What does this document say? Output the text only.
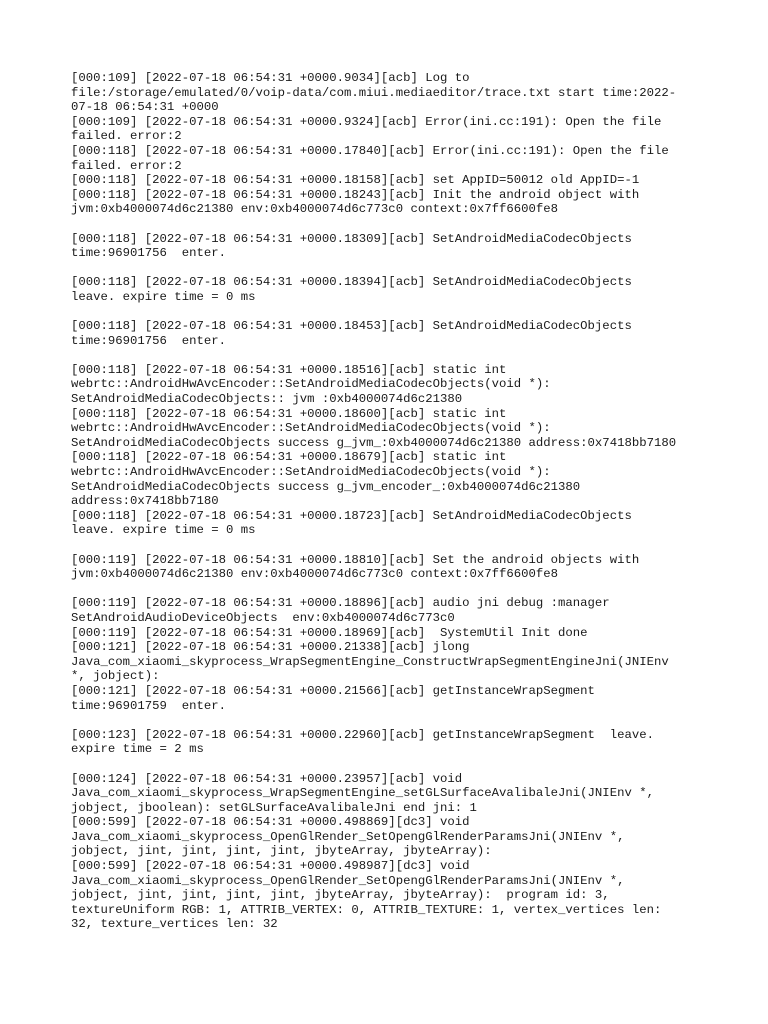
[000:109] [2022-07-18 06:54:31 +0000.9034][acb] Log to
file:/storage/emulated/0/voip-data/com.miui.mediaeditor/trace.txt start time:2022-
07-18 06:54:31 +0000
[000:109] [2022-07-18 06:54:31 +0000.9324][acb] Error(ini.cc:191): Open the file
failed. error:2
[000:118] [2022-07-18 06:54:31 +0000.17840][acb] Error(ini.cc:191): Open the file
failed. error:2
[000:118] [2022-07-18 06:54:31 +0000.18158][acb] set AppID=50012 old AppID=-1
[000:118] [2022-07-18 06:54:31 +0000.18243][acb] Init the android object with
jvm:0xb4000074d6c21380 env:0xb4000074d6c773c0 context:0x7ff6600fe8
[000:118] [2022-07-18 06:54:31 +0000.18309][acb] SetAndroidMediaCodecObjects
time:96901756  enter.
[000:118] [2022-07-18 06:54:31 +0000.18394][acb] SetAndroidMediaCodecObjects
leave. expire time = 0 ms
[000:118] [2022-07-18 06:54:31 +0000.18453][acb] SetAndroidMediaCodecObjects
time:96901756  enter.
[000:118] [2022-07-18 06:54:31 +0000.18516][acb] static int
webrtc::AndroidHwAvcEncoder::SetAndroidMediaCodecObjects(void *):
SetAndroidMediaCodecObjects:: jvm :0xb4000074d6c21380
[000:118] [2022-07-18 06:54:31 +0000.18600][acb] static int
webrtc::AndroidHwAvcEncoder::SetAndroidMediaCodecObjects(void *):
SetAndroidMediaCodecObjects success g_jvm_:0xb4000074d6c21380 address:0x7418bb7180
[000:118] [2022-07-18 06:54:31 +0000.18679][acb] static int
webrtc::AndroidHwAvcEncoder::SetAndroidMediaCodecObjects(void *):
SetAndroidMediaCodecObjects success g_jvm_encoder_:0xb4000074d6c21380
address:0x7418bb7180
[000:118] [2022-07-18 06:54:31 +0000.18723][acb] SetAndroidMediaCodecObjects
leave. expire time = 0 ms
[000:119] [2022-07-18 06:54:31 +0000.18810][acb] Set the android objects with
jvm:0xb4000074d6c21380 env:0xb4000074d6c773c0 context:0x7ff6600fe8
[000:119] [2022-07-18 06:54:31 +0000.18896][acb] audio jni debug :manager
SetAndroidAudioDeviceObjects  env:0xb4000074d6c773c0
[000:119] [2022-07-18 06:54:31 +0000.18969][acb]  SystemUtil Init done
[000:121] [2022-07-18 06:54:31 +0000.21338][acb] jlong
Java_com_xiaomi_skyprocess_WrapSegmentEngine_ConstructWrapSegmentEngineJni(JNIEnv
*, jobject):
[000:121] [2022-07-18 06:54:31 +0000.21566][acb] getInstanceWrapSegment
time:96901759  enter.
[000:123] [2022-07-18 06:54:31 +0000.22960][acb] getInstanceWrapSegment  leave.
expire time = 2 ms
[000:124] [2022-07-18 06:54:31 +0000.23957][acb] void
Java_com_xiaomi_skyprocess_WrapSegmentEngine_setGLSurfaceAvalibaleJni(JNIEnv *,
jobject, jboolean): setGLSurfaceAvalibaleJni end jni: 1
[000:599] [2022-07-18 06:54:31 +0000.498869][dc3] void
Java_com_xiaomi_skyprocess_OpenGlRender_SetOpengGlRenderParamsJni(JNIEnv *,
jobject, jint, jint, jint, jint, jbyteArray, jbyteArray):
[000:599] [2022-07-18 06:54:31 +0000.498987][dc3] void
Java_com_xiaomi_skyprocess_OpenGlRender_SetOpengGlRenderParamsJni(JNIEnv *,
jobject, jint, jint, jint, jint, jbyteArray, jbyteArray):  program id: 3,
textureUniform RGB: 1, ATTRIB_VERTEX: 0, ATTRIB_TEXTURE: 1, vertex_vertices len:
32, texture_vertices len: 32
